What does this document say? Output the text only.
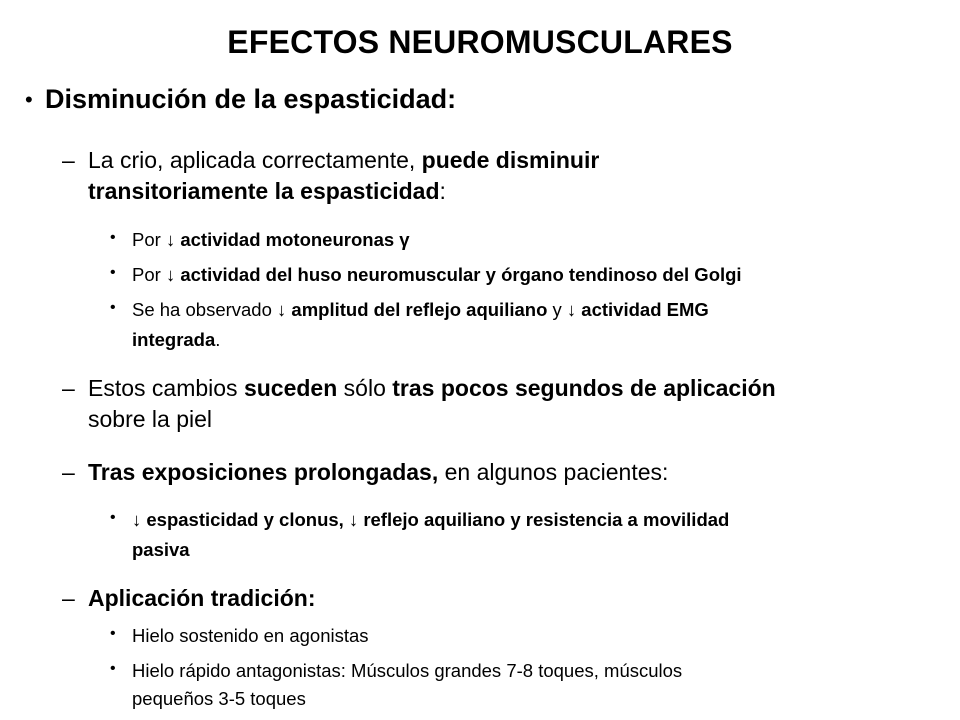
EFECTOS NEUROMUSCULARES
• Disminución de la espasticidad:
– La crio, aplicada correctamente, puede disminuir
transitoriamente la espasticidad:
• Por ↓ actividad motoneuronas γ
• Por ↓ actividad del huso neuromuscular y órgano tendinoso del Golgi
• Se ha observado ↓ amplitud del reflejo aquiliano y ↓ actividad EMG
integrada.
– Estos cambios suceden sólo tras pocos segundos de aplicación
sobre la piel
– Tras exposiciones prolongadas, en algunos pacientes:
• ↓ espasticidad y clonus, ↓ reflejo aquiliano y resistencia a movilidad
pasiva
– Aplicación tradición:
• Hielo sostenido en agonistas
• Hielo rápido antagonistas: Músculos grandes 7-8 toques, músculos
pequeños 3-5 toques
